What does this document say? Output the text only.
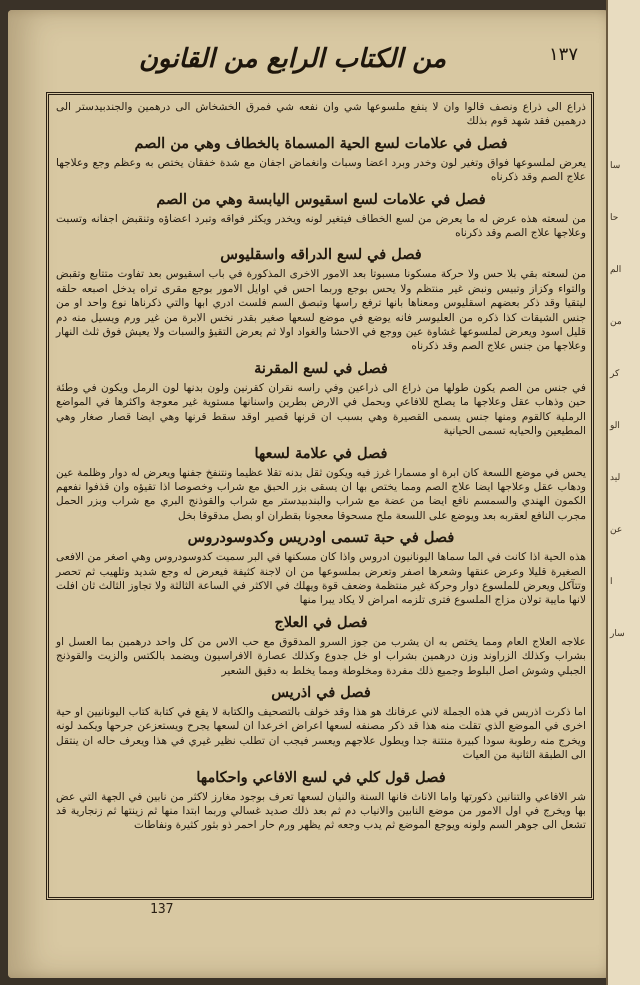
سا
حا
الم
من
كر
الو
ليد
عن
ا
سار
١٣٧
من الكتاب الرابع من القانون
ذراع الى ذراع ونصف قالوا وان لا ينفع ملسوعها شي وان نفعه شي فمرق الخشخاش الى درهمين والجندبيدستر الى درهمين فقد شهد قوم بذلك
فصل في علامات لسع الحية المسماة بالخطاف وهي من الصم
يعرض لملسوعها فواق وتغير لون وخدر وبرد اعضا وسبات وانغماض اجفان مع شدة خفقان يختص به وعظم وجع وعلاجها علاج الصم وقد ذكرناه
فصل في علامات لسع اسقيوس اليابسة وهي من الصم
من لسعته هذه عرض له ما يعرض من لسع الخطاف فيتغير لونه ويخدر ويكثر فواقه وتبرد اعضاؤه وتنقبض اجفانه وتسبت وعلاجها علاج الصم وقد ذكرناه
فصل في لسع الدراقه واسقليوس
من لسعته بقي بلا حس ولا حركة مسكونا مسبوتا بعد الامور الاخرى المذكورة في باب اسقيوس بعد تفاوت متتابع وتقبض والتواء وكزاز وتبيس ونبض غير منتظم ولا يحس بوجع وربما احس في اوايل الامور بوجع مقرى تراه يدخل اصبعه حلقه ليتقيا وقد ذكر بعضهم اسقليوس ومعناها بانها ترفع راسها وتبصق السم فلست ادري ابها والتي ذكرناها نوع واحد او من جنس الشيقات كذا ذكره من العليوسر فانه يوضع في موضع لسعها صغير بقدر نخس الابرة من غير ورم ويسيل منه دم قليل اسود ويعرض لملسوعها غشاوة عين ووجع في الاحشا والغواد اولا ثم يعرض التقيؤ والسبات ولا يعيش فوق ثلث النهار وعلاجها من جنس علاج الصم وقد ذكرناه
فصل في لسع المقرنة
في جنس من الصم يكون طولها من ذراع الى ذراعين وفي راسه نقران كقرنين ولون بدنها لون الرمل ويكون في وطئة حين وذهاب عقل وعلاجها ما يصلح للافاعي وبحمل في الارض بطرين واسنانها مستوية غير معوجة واكثرها في المواضع الرملية كالقوم ومنها جنس يسمى القصيرة وهي بسبب ان قرنها قصير اوقد سقط قرنها وهي ايضا قصار صغار وهي المطيعين والحيايه تسمى الحيانية
فصل في علامة لسعها
يحس في موضع اللسعة كان ابرة او مسمارا غرز فيه ويكون ثقل بدنه تقلا عظيما ونتنفخ جفنها ويعرض له دوار وظلمة عين ودهاب عقل وعلاجها ايضا علاج الصم ومما يختص بها ان يسقى بزر الحبق مع شراب وخصوصا اذا تقيؤه وان قذفوا نفعهم الكمون الهندي والسمسم نافع ايضا من عضة مع شراب والبندبيدستر مع شراب والقوذنج البري مع شراب وبزر الحمل مجرب النافع لعقربه بعد ويوضع على اللسعة ملح مسحوقا معجونا بقطران او بصل مدقوقا بخل
فصل في حبة تسمى اودريس وكدوسودروس
هذه الحية اذا كانت في الما سماها اليونانيون ادروس واذا كان مسكنها في البر سميت كدوسودروس وهي اصغر من الافعى الصغيرة قليلا وعرض عنقها وشعرها اصفر وتعرض بملسوعها من ان لاجنة كثيفة فيعرض له وجع شديد وتلهيب ثم تحصر وتتآكل ويعرض للملسوع دوار وحركة غير منتظمة وضعف قوة ويهلك في الاكثر في الساعة الثالثة ولا تجاوز الثالث ثان افلت لانها مايية تولان مزاج الملسوع فترى تلزمه امراض لا يكاد يبرا منها
فصل في العلاج
علاجه العلاج العام ومما يختص به ان يشرب من جوز السرو المدقوق مع حب الاس من كل واحد درهمين بما العسل او بشراب وكذلك الزراوند وزن درهمين بشراب او خل جدوع وكذلك عصارة الافراسيون ويضمد بالكتس والزيت والقوذنج الجبلي وشوش اصل البلوط وجميع ذلك مفردة ومخلوطة ومما يخلط به دقيق الشعير
فصل في اذريس
اما ذكرت اذريس في هذه الجملة لاني عرفانك هو هذا وقد خولف بالتصحيف والكتابة لا يقع في كتابة كتاب اليونانيين او حية اخرى في الموضع الذي تقلت منه هذا قد ذكر مصنفه لسعها اعراض اخرعدا ان لسعها يجرح ويستعزعن جرحها ويكمد لونه ويخرج منه رطوبة سودا كبيرة منتنة جدا ويطول علاجهم ويعسر فيجب ان تطلب نظير غيري في هذا ويعرف حاله ان ينتقل الى الطبقة الثانية من العيات
فصل قول كلي في لسع الافاعي واحكامها
شر الافاعي والتنانين ذكورتها واما الاناث فانها السنة والنيان لسعها تعرف بوجود مغارز لاكثر من نابين في الجهة التي عض بها ويخرج في اول الامور من موضع النابين والانياب دم ثم بعد ذلك صديد غسالي وربما ابتدا منها ثم زينتها ثم زنجارية قد تشعل الى جوهر السم ولونه ويوجع الموضع ثم يدب وجعه ثم يظهر ورم حار احمر ذو بثور كثيرة ونفاطات
137
